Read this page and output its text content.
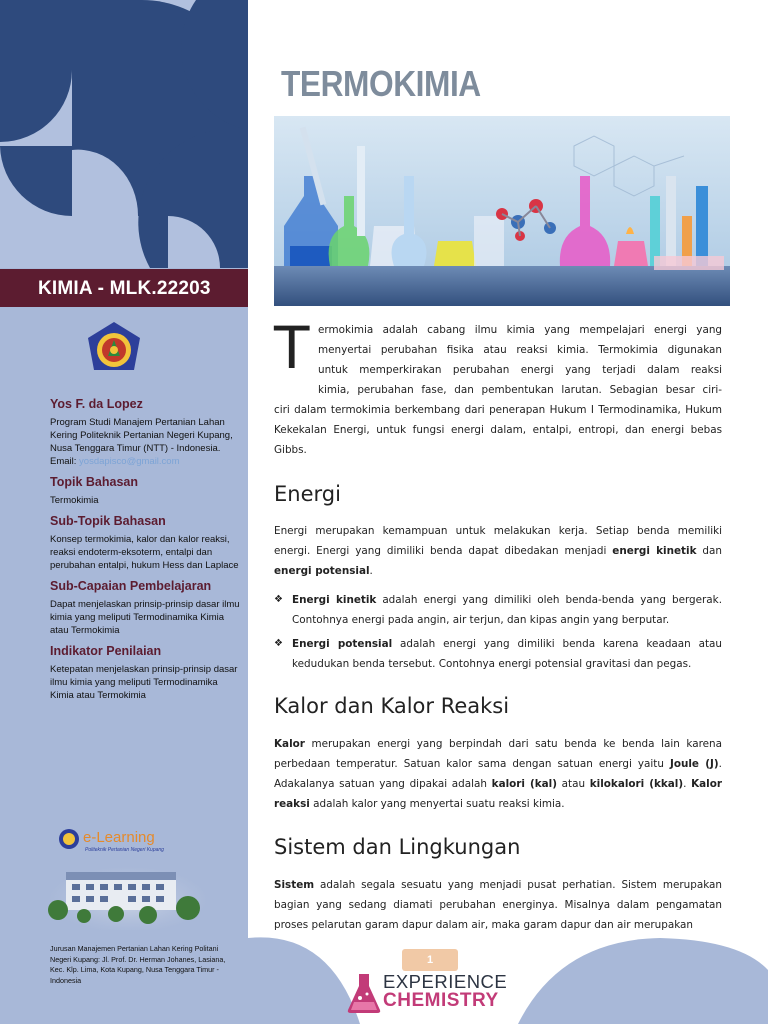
KIMIA - MLK.22203
Yos F. da Lopez
Program Studi Manajem Pertanian Lahan Kering Politeknik Pertanian Negeri Kupang, Nusa Tenggara Timur (NTT) - Indonesia.
Email: yosdapisco@gmail.com
Topik Bahasan
Termokimia
Sub-Topik Bahasan
Konsep termokimia, kalor dan kalor reaksi, reaksi endoterm-eksoterm, entalpi dan perubahan entalpi, hukum Hess dan Laplace
Sub-Capaian Pembelajaran
Dapat menjelaskan prinsip-prinsip dasar ilmu kimia yang meliputi Termodinamika Kimia atau Termokimia
Indikator Penilaian
Ketepatan menjelaskan prinsip-prinsip dasar ilmu kimia yang meliputi Termodinamika Kimia atau Termokimia
e-Learning
Politeknik Pertanian Negeri Kupang
Jurusan Manajemen Pertanian Lahan Kering Politani Negeri Kupang: Jl. Prof. Dr. Herman Johanes, Lasiana, Kec. Klp. Lima, Kota Kupang, Nusa Tenggara Timur - Indonesia
TERMOKIMIA
T ermokimia adalah cabang ilmu kimia yang mempelajari energi yang
menyertai perubahan fisika atau reaksi kimia. Termokimia digunakan
untuk memperkirakan perubahan energi yang terjadi dalam reaksi
kimia, perubahan fase, dan pembentukan larutan. Sebagian besar ciri-
ciri dalam termokimia berkembang dari penerapan Hukum I Termodinamika, Hukum Kekekalan Energi, untuk fungsi energi dalam, entalpi, entropi, dan energi bebas Gibbs.
Energi
Energi merupakan kemampuan untuk melakukan kerja. Setiap benda memiliki energi. Energi yang dimiliki benda dapat dibedakan menjadi energi kinetik dan energi potensial.
❖ Energi kinetik adalah energi yang dimiliki oleh benda-benda yang bergerak. Contohnya energi pada angin, air terjun, dan kipas angin yang berputar.
❖ Energi potensial adalah energi yang dimiliki benda karena keadaan atau kedudukan benda tersebut. Contohnya energi potensial gravitasi dan pegas.
Kalor dan Kalor Reaksi
Kalor merupakan energi yang berpindah dari satu benda ke benda lain karena perbedaan temperatur. Satuan kalor sama dengan satuan energi yaitu Joule (J). Adakalanya satuan yang dipakai adalah kalori (kal) atau kilokalori (kkal). Kalor reaksi adalah kalor yang menyertai suatu reaksi kimia.
Sistem dan Lingkungan
Sistem adalah segala sesuatu yang menjadi pusat perhatian. Sistem merupakan bagian yang sedang diamati perubahan energinya. Misalnya dalam pengamatan proses pelarutan garam dapur dalam air, maka garam dapur dan air merupakan
1
EXPERIENCE
CHEMISTRY
